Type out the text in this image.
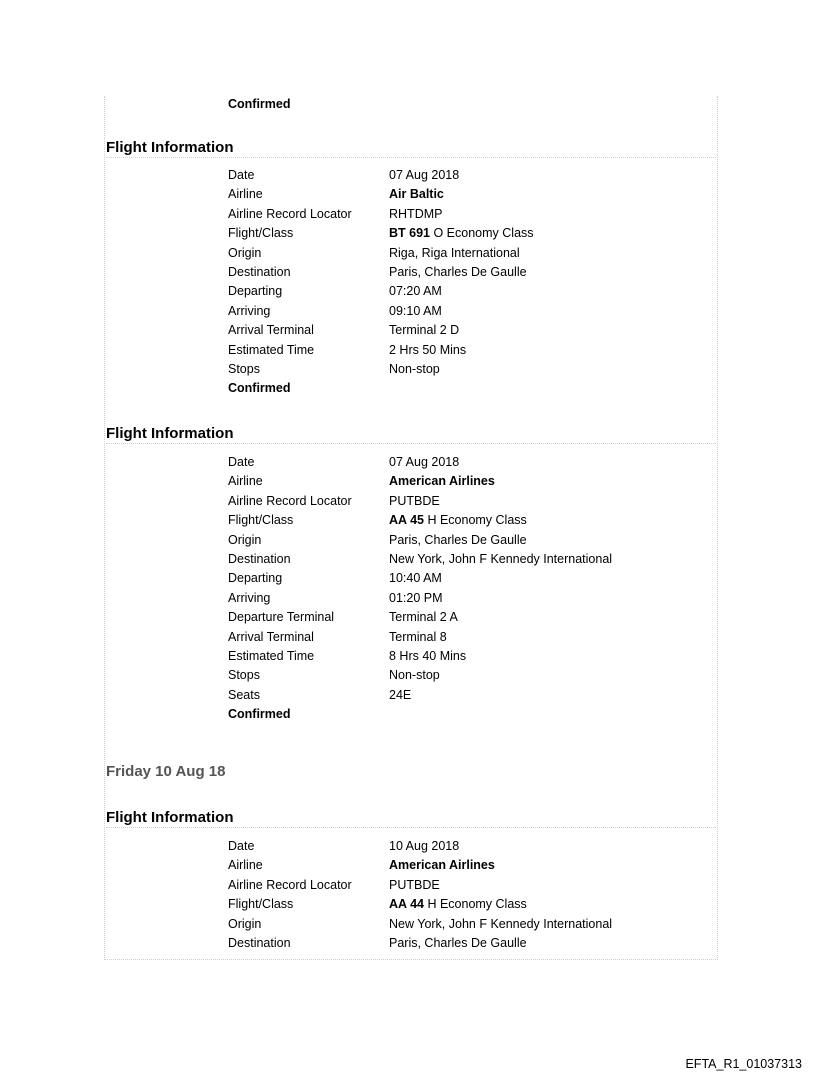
Confirmed
EFTA_R1_01037313
Flight Information
Date	07 Aug 2018
Airline	Air Baltic
Airline Record Locator	RHTDMP
Flight/Class	BT 691 O Economy Class
Origin	Riga, Riga International
Destination	Paris, Charles De Gaulle
Departing	07:20 AM
Arriving	09:10 AM
Arrival Terminal	Terminal 2 D
Estimated Time	2 Hrs 50 Mins
Stops	Non-stop
Confirmed
Flight Information
Date	07 Aug 2018
Airline	American Airlines
Airline Record Locator	PUTBDE
Flight/Class	AA 45 H Economy Class
Origin	Paris, Charles De Gaulle
Destination	New York, John F Kennedy International
Departing	10:40 AM
Arriving	01:20 PM
Departure Terminal	Terminal 2 A
Arrival Terminal	Terminal 8
Estimated Time	8 Hrs 40 Mins
Stops	Non-stop
Seats	24E
Confirmed
Friday 10 Aug 18
Flight Information
Date	10 Aug 2018
Airline	American Airlines
Airline Record Locator	PUTBDE
Flight/Class	AA 44 H Economy Class
Origin	New York, John F Kennedy International
Destination	Paris, Charles De Gaulle
